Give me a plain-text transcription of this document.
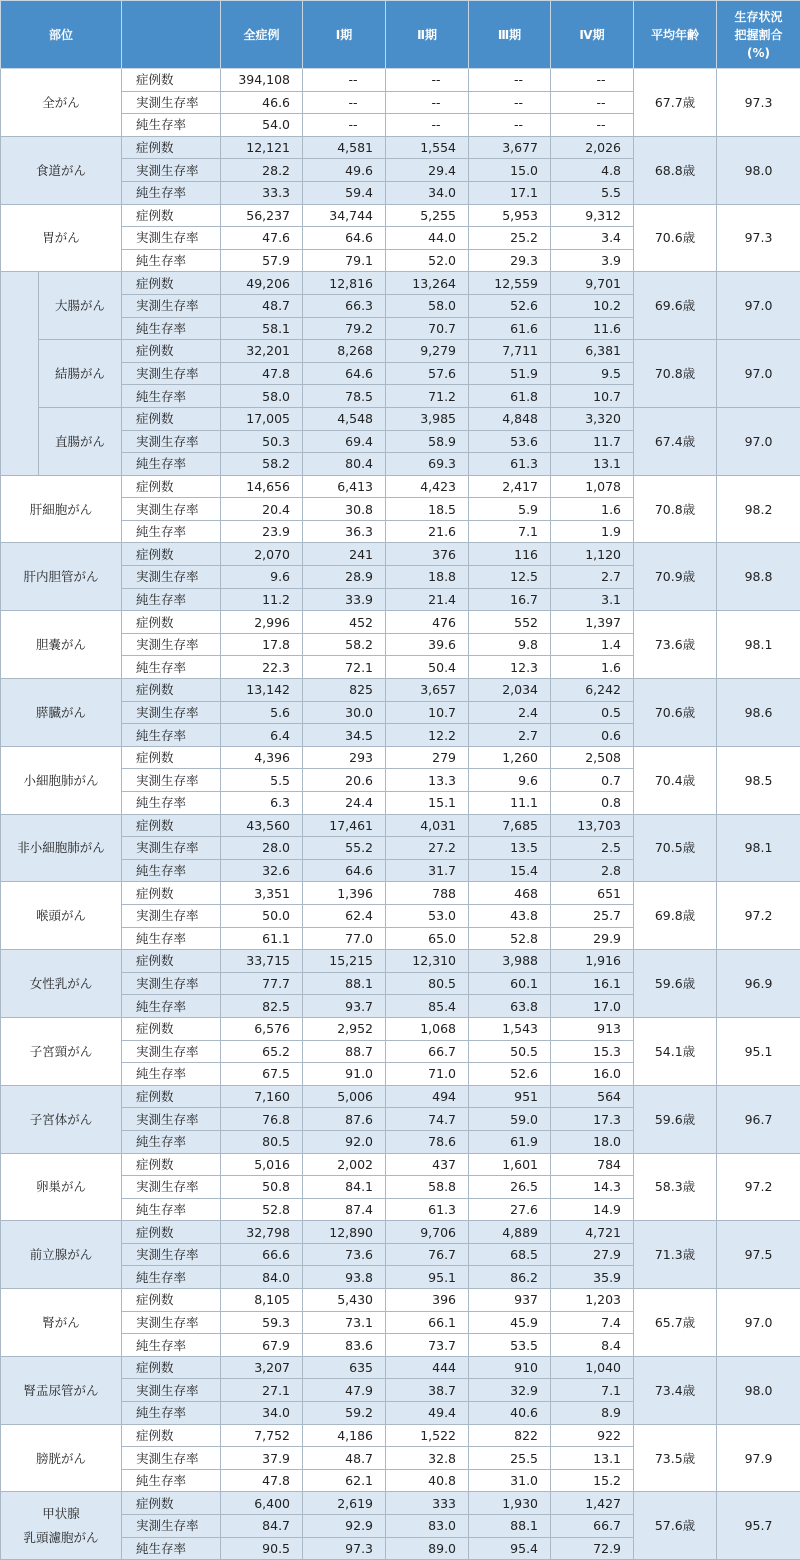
部位			全症例	Ⅰ期	Ⅱ期	Ⅲ期	Ⅳ期	平均年齢	生存状況
把握割合
(%)

全がん		症例数	394,108	--	--	--	--	67.7歳	97.3
		実測生存率	46.6	--	--	--	--		
		純生存率	54.0	--	--	--	--		

食道がん		症例数	12,121	4,581	1,554	3,677	2,026	68.8歳	98.0
		実測生存率	28.2	49.6	29.4	15.0	4.8		
		純生存率	33.3	59.4	34.0	17.1	5.5		

胃がん		症例数	56,237	34,744	5,255	5,953	9,312	70.6歳	97.3
		実測生存率	47.6	64.6	44.0	25.2	3.4		
		純生存率	57.9	79.1	52.0	29.3	3.9		
	大腸がん	症例数	49,206	12,816	13,264	12,559	9,701	69.6歳	97.0
		実測生存率	48.7	66.3	58.0	52.6	10.2		
		純生存率	58.1	79.2	70.7	61.6	11.6		
	結腸がん	症例数	32,201	8,268	9,279	7,711	6,381	70.8歳	97.0
		実測生存率	47.8	64.6	57.6	51.9	9.5		
		純生存率	58.0	78.5	71.2	61.8	10.7		
	直腸がん	症例数	17,005	4,548	3,985	4,848	3,320	67.4歳	97.0
		実測生存率	50.3	69.4	58.9	53.6	11.7		
		純生存率	58.2	80.4	69.3	61.3	13.1		

肝細胞がん		症例数	14,656	6,413	4,423	2,417	1,078	70.8歳	98.2
		実測生存率	20.4	30.8	18.5	5.9	1.6		
		純生存率	23.9	36.3	21.6	7.1	1.9		

肝内胆管がん		症例数	2,070	241	376	116	1,120	70.9歳	98.8
		実測生存率	9.6	28.9	18.8	12.5	2.7		
		純生存率	11.2	33.9	21.4	16.7	3.1		

胆嚢がん		症例数	2,996	452	476	552	1,397	73.6歳	98.1
		実測生存率	17.8	58.2	39.6	9.8	1.4		
		純生存率	22.3	72.1	50.4	12.3	1.6		

膵臓がん		症例数	13,142	825	3,657	2,034	6,242	70.6歳	98.6
		実測生存率	5.6	30.0	10.7	2.4	0.5		
		純生存率	6.4	34.5	12.2	2.7	0.6		

小細胞肺がん		症例数	4,396	293	279	1,260	2,508	70.4歳	98.5
		実測生存率	5.5	20.6	13.3	9.6	0.7		
		純生存率	6.3	24.4	15.1	11.1	0.8		

非小細胞肺がん		症例数	43,560	17,461	4,031	7,685	13,703	70.5歳	98.1
		実測生存率	28.0	55.2	27.2	13.5	2.5		
		純生存率	32.6	64.6	31.7	15.4	2.8		

喉頭がん		症例数	3,351	1,396	788	468	651	69.8歳	97.2
		実測生存率	50.0	62.4	53.0	43.8	25.7		
		純生存率	61.1	77.0	65.0	52.8	29.9		

女性乳がん		症例数	33,715	15,215	12,310	3,988	1,916	59.6歳	96.9
		実測生存率	77.7	88.1	80.5	60.1	16.1		
		純生存率	82.5	93.7	85.4	63.8	17.0		

子宮頸がん		症例数	6,576	2,952	1,068	1,543	913	54.1歳	95.1
		実測生存率	65.2	88.7	66.7	50.5	15.3		
		純生存率	67.5	91.0	71.0	52.6	16.0		

子宮体がん		症例数	7,160	5,006	494	951	564	59.6歳	96.7
		実測生存率	76.8	87.6	74.7	59.0	17.3		
		純生存率	80.5	92.0	78.6	61.9	18.0		

卵巣がん		症例数	5,016	2,002	437	1,601	784	58.3歳	97.2
		実測生存率	50.8	84.1	58.8	26.5	14.3		
		純生存率	52.8	87.4	61.3	27.6	14.9		

前立腺がん		症例数	32,798	12,890	9,706	4,889	4,721	71.3歳	97.5
		実測生存率	66.6	73.6	76.7	68.5	27.9		
		純生存率	84.0	93.8	95.1	86.2	35.9		

腎がん		症例数	8,105	5,430	396	937	1,203	65.7歳	97.0
		実測生存率	59.3	73.1	66.1	45.9	7.4		
		純生存率	67.9	83.6	73.7	53.5	8.4		

腎盂尿管がん		症例数	3,207	635	444	910	1,040	73.4歳	98.0
		実測生存率	27.1	47.9	38.7	32.9	7.1		
		純生存率	34.0	59.2	49.4	40.6	8.9		

膀胱がん		症例数	7,752	4,186	1,522	822	922	73.5歳	97.9
		実測生存率	37.9	48.7	32.8	25.5	13.1		
		純生存率	47.8	62.1	40.8	31.0	15.2		

甲状腺
乳頭濾胞がん		症例数	6,400	2,619	333	1,930	1,427	57.6歳	95.7
		実測生存率	84.7	92.9	83.0	88.1	66.7		
		純生存率	90.5	97.3	89.0	95.4	72.9		
